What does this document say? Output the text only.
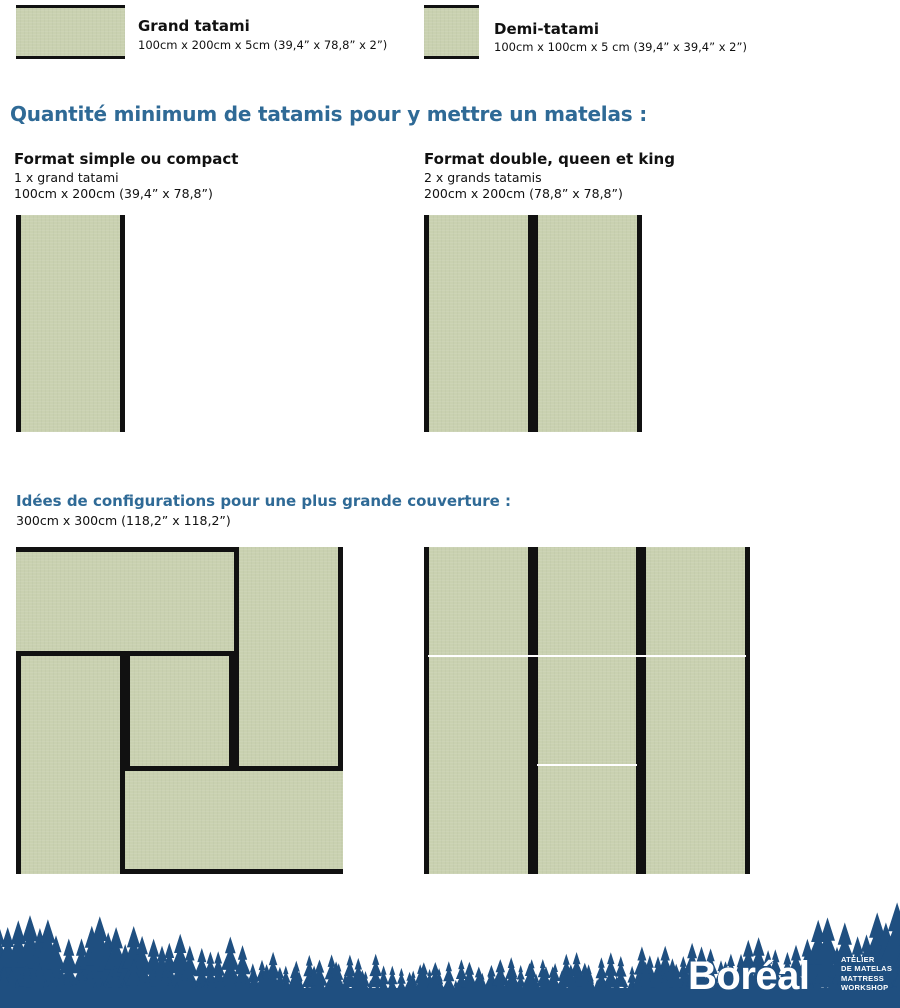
Grand tatami
100cm x 200cm x 5cm (39,4” x 78,8” x 2”)
Demi-tatami
100cm x 100cm x 5 cm (39,4” x 39,4” x 2”)
Quantité minimum de tatamis pour y mettre un matelas :
Format simple ou compact
1 x grand tatami
100cm x 200cm (39,4” x 78,8”)
Format double, queen et king
2 x grands tatamis
200cm x 200cm (78,8” x 78,8”)
Idées de configurations pour une plus grande couverture :
300cm x 300cm (118,2” x 118,2”)
Boréal	ATELIER
DE MATELAS
MATTRESS
WORKSHOP
